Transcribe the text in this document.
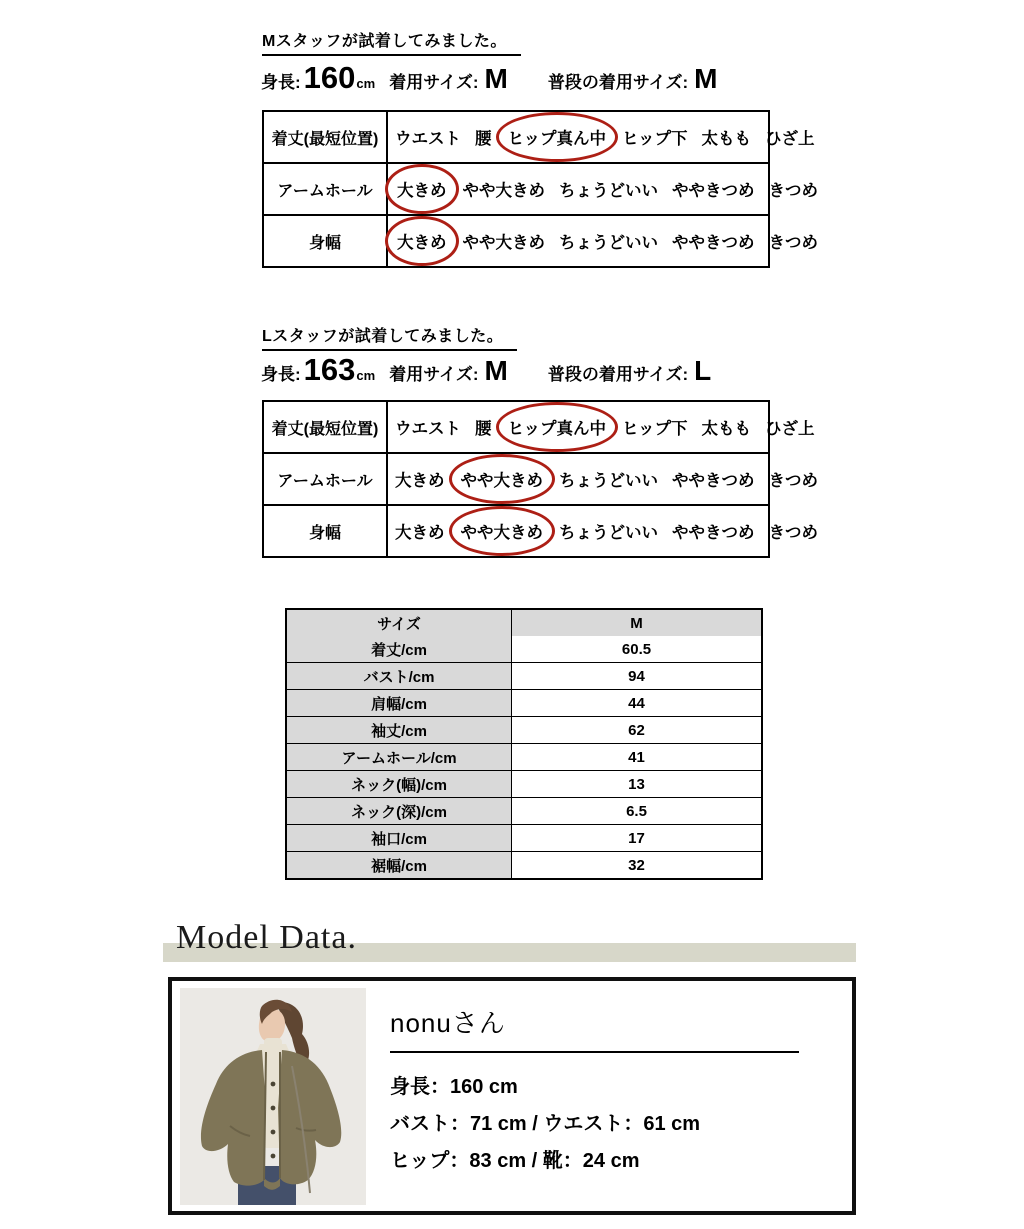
Mスタッフが試着してみました。
身長: 160 cm 着用サイズ: M 普段の着用サイズ: M
着丈(最短位置)	ウエスト 腰 ヒップ真ん中 ヒップ下 太もも ひざ上
アームホール	大きめ やや大きめ ちょうどいい ややきつめ きつめ
身幅	大きめ やや大きめ ちょうどいい ややきつめ きつめ
Lスタッフが試着してみました。
身長: 163 cm 着用サイズ: M 普段の着用サイズ: L
着丈(最短位置)	ウエスト 腰 ヒップ真ん中 ヒップ下 太もも ひざ上
アームホール	大きめ やや大きめ ちょうどいい ややきつめ きつめ
身幅	大きめ やや大きめ ちょうどいい ややきつめ きつめ
サイズ	M
着丈/cm	60.5
バスト/cm	94
肩幅/cm	44
袖丈/cm	62
アームホール/cm	41
ネック(幅)/cm	13
ネック(深)/cm	6.5
袖口/cm	17
裾幅/cm	32
Model Data.
nonuさん
身長：160 cm
バスト：71 cm / ウエスト：61 cm
ヒップ：83 cm / 靴：24 cm
